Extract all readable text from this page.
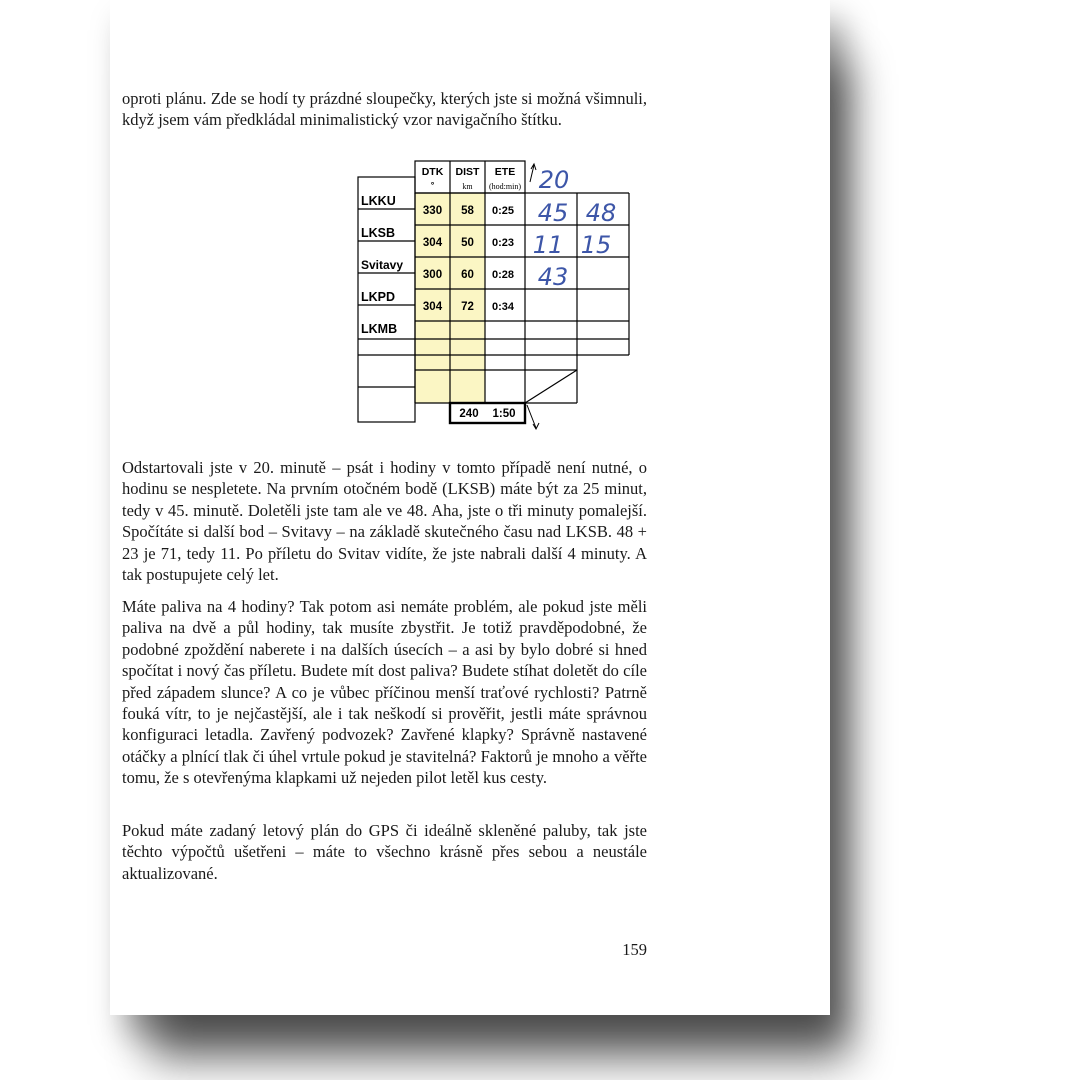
oproti plánu. Zde se hodí ty prázdné sloupečky, kterých jste si možná všimnuli, když jsem vám předkládal minimalistický vzor navigačního štítku.

DTK
°
DIST
km
ETE
(hod:min)
LKKU
LKSB
Svitavy
LKPD
LKMB
330 58 0:25
304 50 0:23
300 60 0:28
304 72 0:34
240 1:50
20
45
11
43
48
15

Odstartovali jste v 20. minutě – psát i hodiny v tomto případě není nutné, o hodinu se nespletete. Na prvním otočném bodě (LKSB) máte být za 25 minut, tedy v 45. minutě. Doletěli jste tam ale ve 48. Aha, jste o tři minuty pomalejší. Spočítáte si další bod – Svitavy – na základě skutečného času nad LKSB. 48 + 23 je 71, tedy 11. Po příletu do Svitav vidíte, že jste nabrali další 4 minuty. A tak postupujete celý let.

Máte paliva na 4 hodiny? Tak potom asi nemáte problém, ale pokud jste měli paliva na dvě a půl hodiny, tak musíte zbystřit. Je totiž pravděpodobné, že podobné zpoždění naberete i na dalších úsecích – a asi by bylo dobré si hned spočítat i nový čas příletu. Budete mít dost paliva? Budete stíhat doletět do cíle před západem slunce? A co je vůbec příčinou menší traťové rychlosti? Patrně fouká vítr, to je nejčastější, ale i tak neškodí si prověřit, jestli máte správnou konfiguraci letadla. Zavřený podvozek? Zavřené klapky? Správně nastavené otáčky a plnící tlak či úhel vrtule pokud je stavitelná? Faktorů je mnoho a věřte tomu, že s otevřenýma klapkami už nejeden pilot letěl kus cesty.

Pokud máte zadaný letový plán do GPS či ideálně skleněné paluby, tak jste těchto výpočtů ušetřeni – máte to všechno krásně přes sebou a neustále aktualizované.

159
